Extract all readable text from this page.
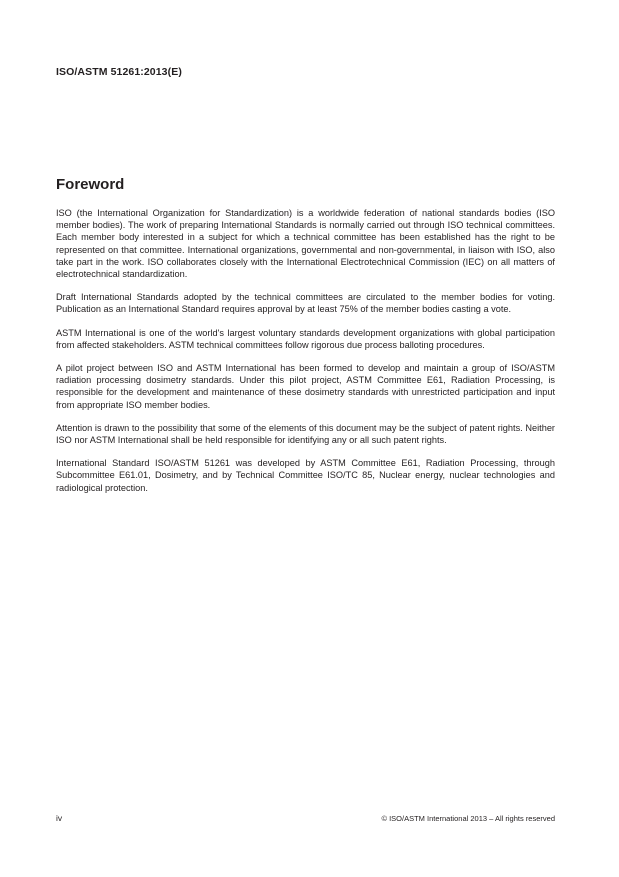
ISO/ASTM 51261:2013(E)
Foreword

ISO (the International Organization for Standardization) is a worldwide federation of national standards bodies (ISO member bodies). The work of preparing International Standards is normally carried out through ISO technical committees. Each member body interested in a subject for which a technical committee has been established has the right to be represented on that committee. International organizations, governmental and non-governmental, in liaison with ISO, also take part in the work. ISO collaborates closely with the International Electrotechnical Commission (IEC) on all matters of electrotechnical standardization.

Draft International Standards adopted by the technical committees are circulated to the member bodies for voting. Publication as an International Standard requires approval by at least 75% of the member bodies casting a vote.

ASTM International is one of the world's largest voluntary standards development organizations with global participation from affected stakeholders. ASTM technical committees follow rigorous due process balloting procedures.

A pilot project between ISO and ASTM International has been formed to develop and maintain a group of ISO/ASTM radiation processing dosimetry standards. Under this pilot project, ASTM Committee E61, Radiation Processing, is responsible for the development and maintenance of these dosimetry standards with unrestricted participation and input from appropriate ISO member bodies.

Attention is drawn to the possibility that some of the elements of this document may be the subject of patent rights. Neither ISO nor ASTM International shall be held responsible for identifying any or all such patent rights.

International Standard ISO/ASTM 51261 was developed by ASTM Committee E61, Radiation Processing, through Subcommittee E61.01, Dosimetry, and by Technical Committee ISO/TC 85, Nuclear energy, nuclear technologies and radiological protection.

iv	© ISO/ASTM International 2013 – All rights reserved
